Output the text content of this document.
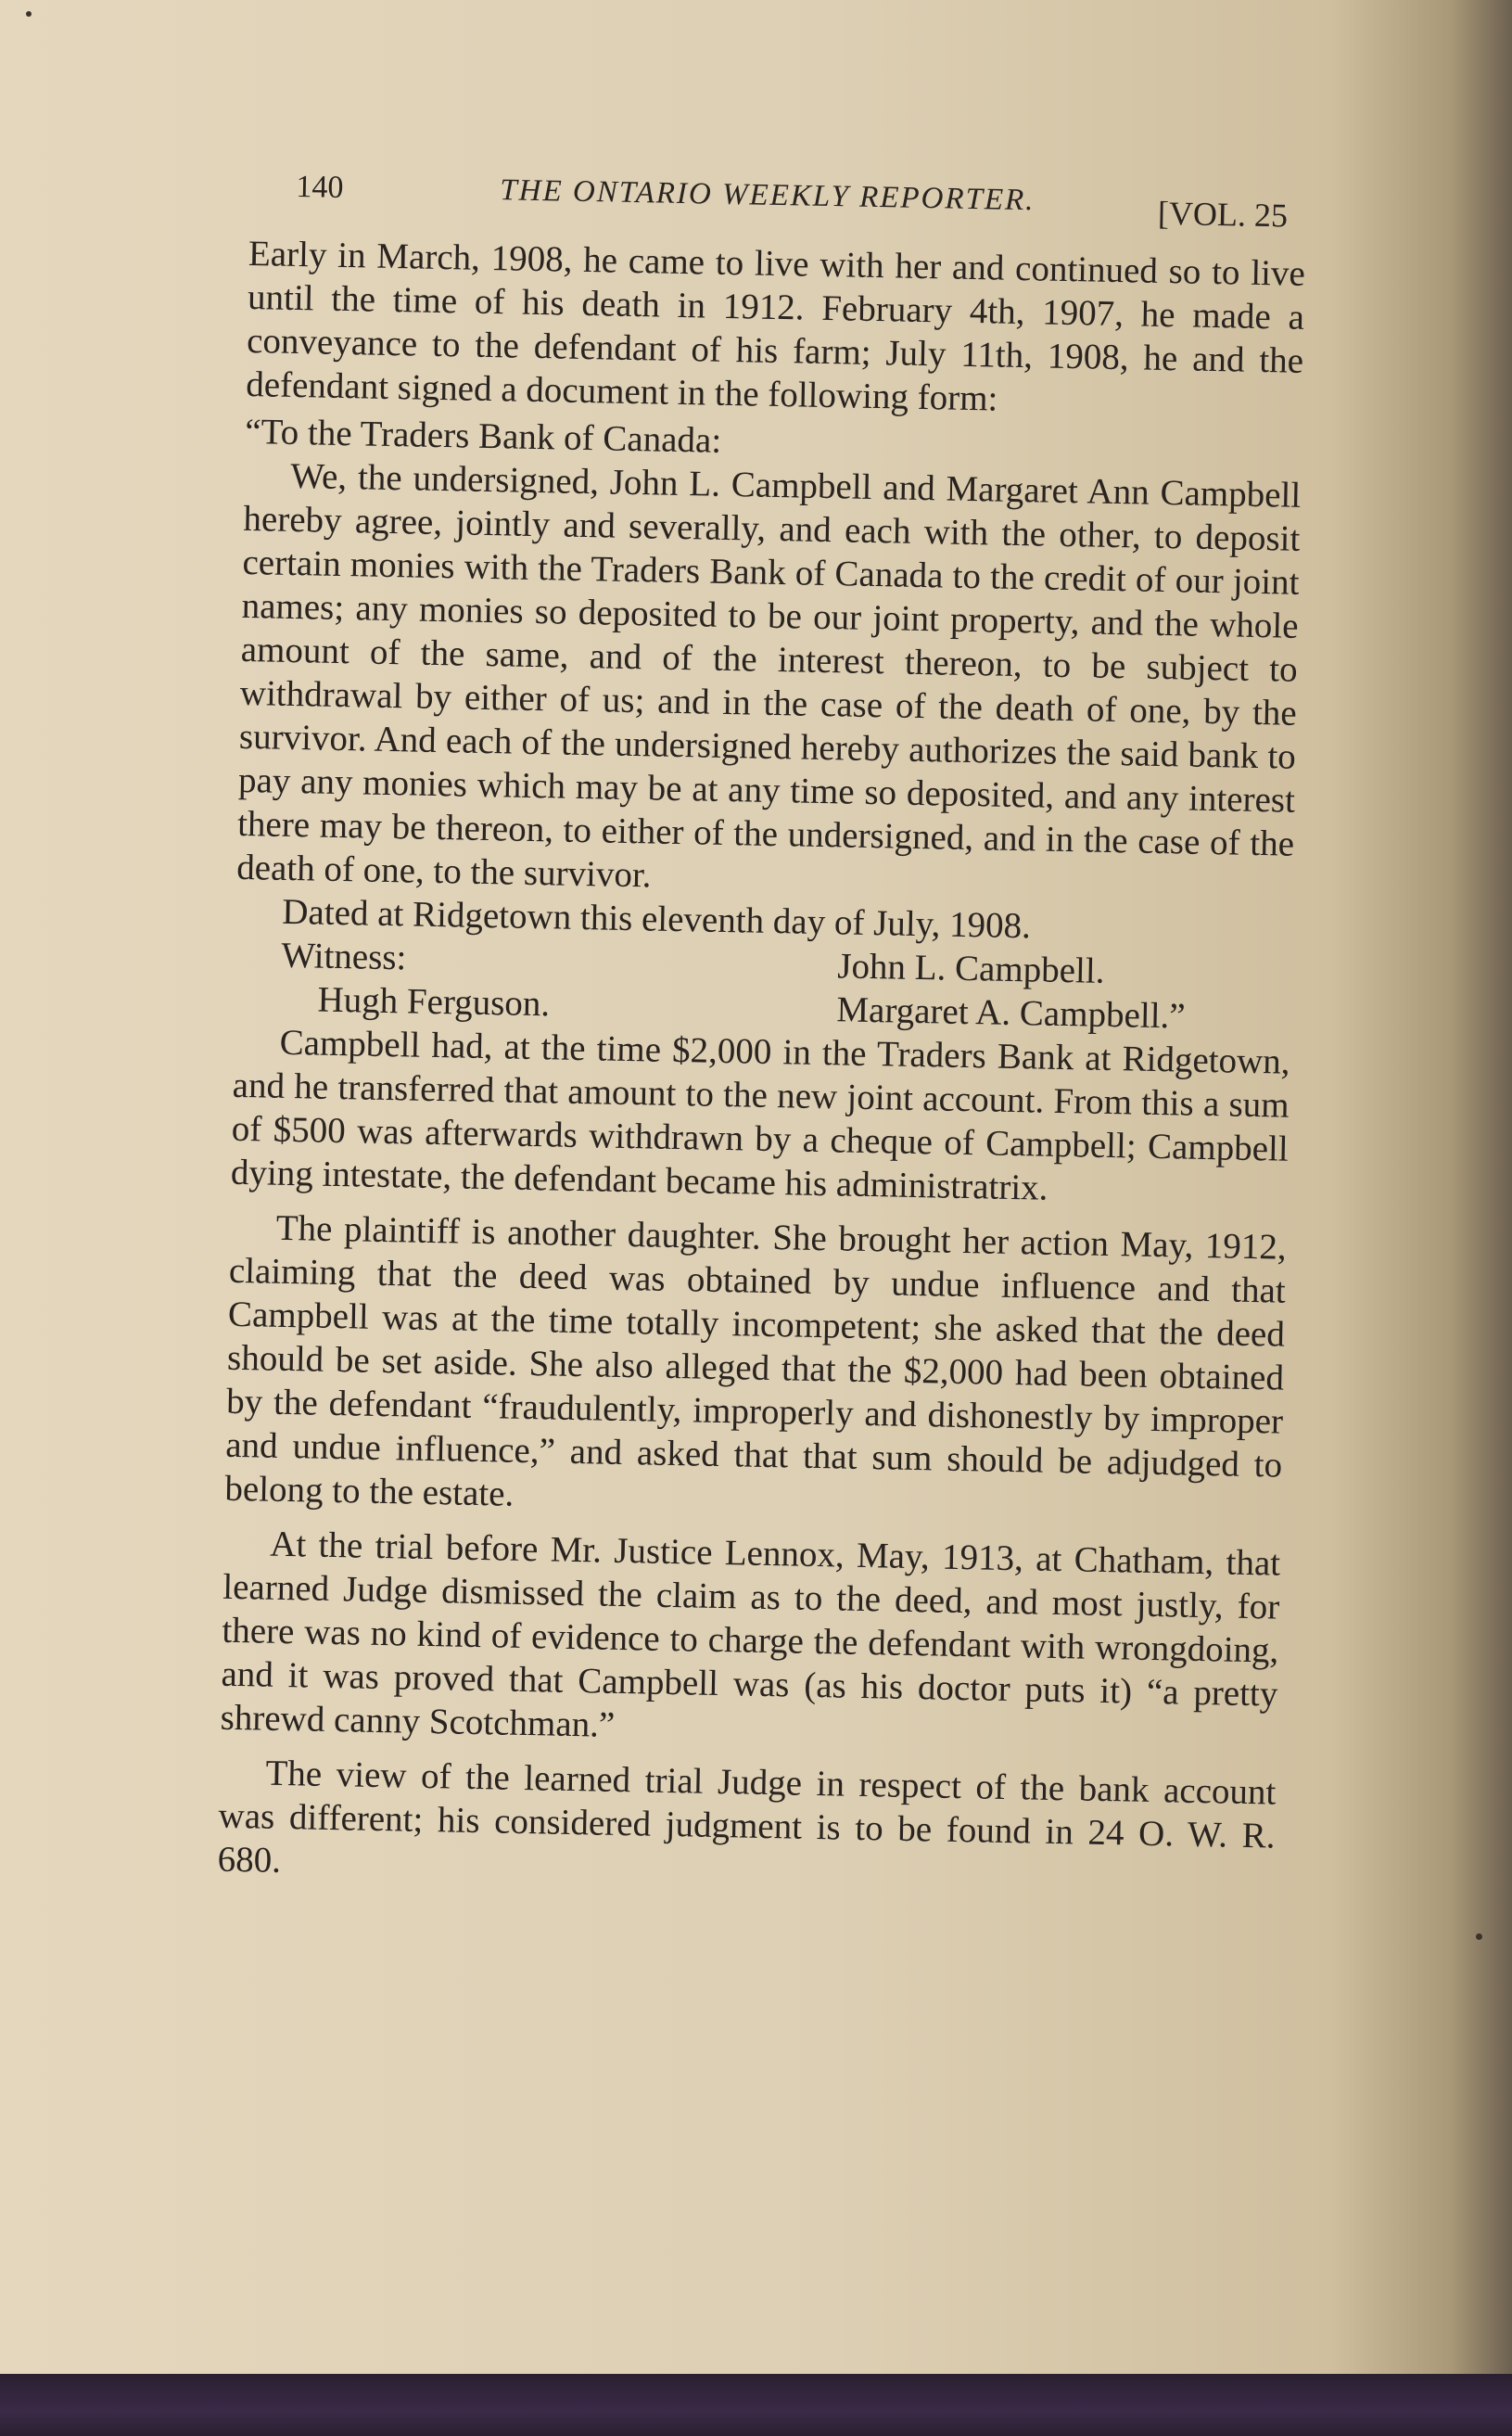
140	THE ONTARIO WEEKLY REPORTER.	[VOL. 25

Early in March, 1908, he came to live with her and continued so to live until the time of his death in 1912. February 4th, 1907, he made a conveyance to the defendant of his farm; July 11th, 1908, he and the defendant signed a document in the following form:

“To the Traders Bank of Canada:

We, the undersigned, John L. Campbell and Margaret Ann Campbell hereby agree, jointly and severally, and each with the other, to deposit certain monies with the Traders Bank of Canada to the credit of our joint names; any monies so deposited to be our joint property, and the whole amount of the same, and of the interest thereon, to be subject to withdrawal by either of us; and in the case of the death of one, by the survivor. And each of the undersigned hereby authorizes the said bank to pay any monies which may be at any time so deposited, and any interest there may be thereon, to either of the undersigned, and in the case of the death of one, to the survivor.

Dated at Ridgetown this eleventh day of July, 1908.

Witness:	John L. Campbell.
Hugh Ferguson.	Margaret A. Campbell.”

Campbell had, at the time $2,000 in the Traders Bank at Ridgetown, and he transferred that amount to the new joint account. From this a sum of $500 was afterwards withdrawn by a cheque of Campbell; Campbell dying intestate, the defendant became his administratrix.

The plaintiff is another daughter. She brought her action May, 1912, claiming that the deed was obtained by undue influence and that Campbell was at the time totally incompetent; she asked that the deed should be set aside. She also alleged that the $2,000 had been obtained by the defendant “fraudulently, improperly and dishonestly by improper and undue influence,” and asked that that sum should be adjudged to belong to the estate.

At the trial before Mr. Justice Lennox, May, 1913, at Chatham, that learned Judge dismissed the claim as to the deed, and most justly, for there was no kind of evidence to charge the defendant with wrongdoing, and it was proved that Campbell was (as his doctor puts it) “a pretty shrewd canny Scotchman.”

The view of the learned trial Judge in respect of the bank account was different; his considered judgment is to be found in 24 O. W. R. 680.
